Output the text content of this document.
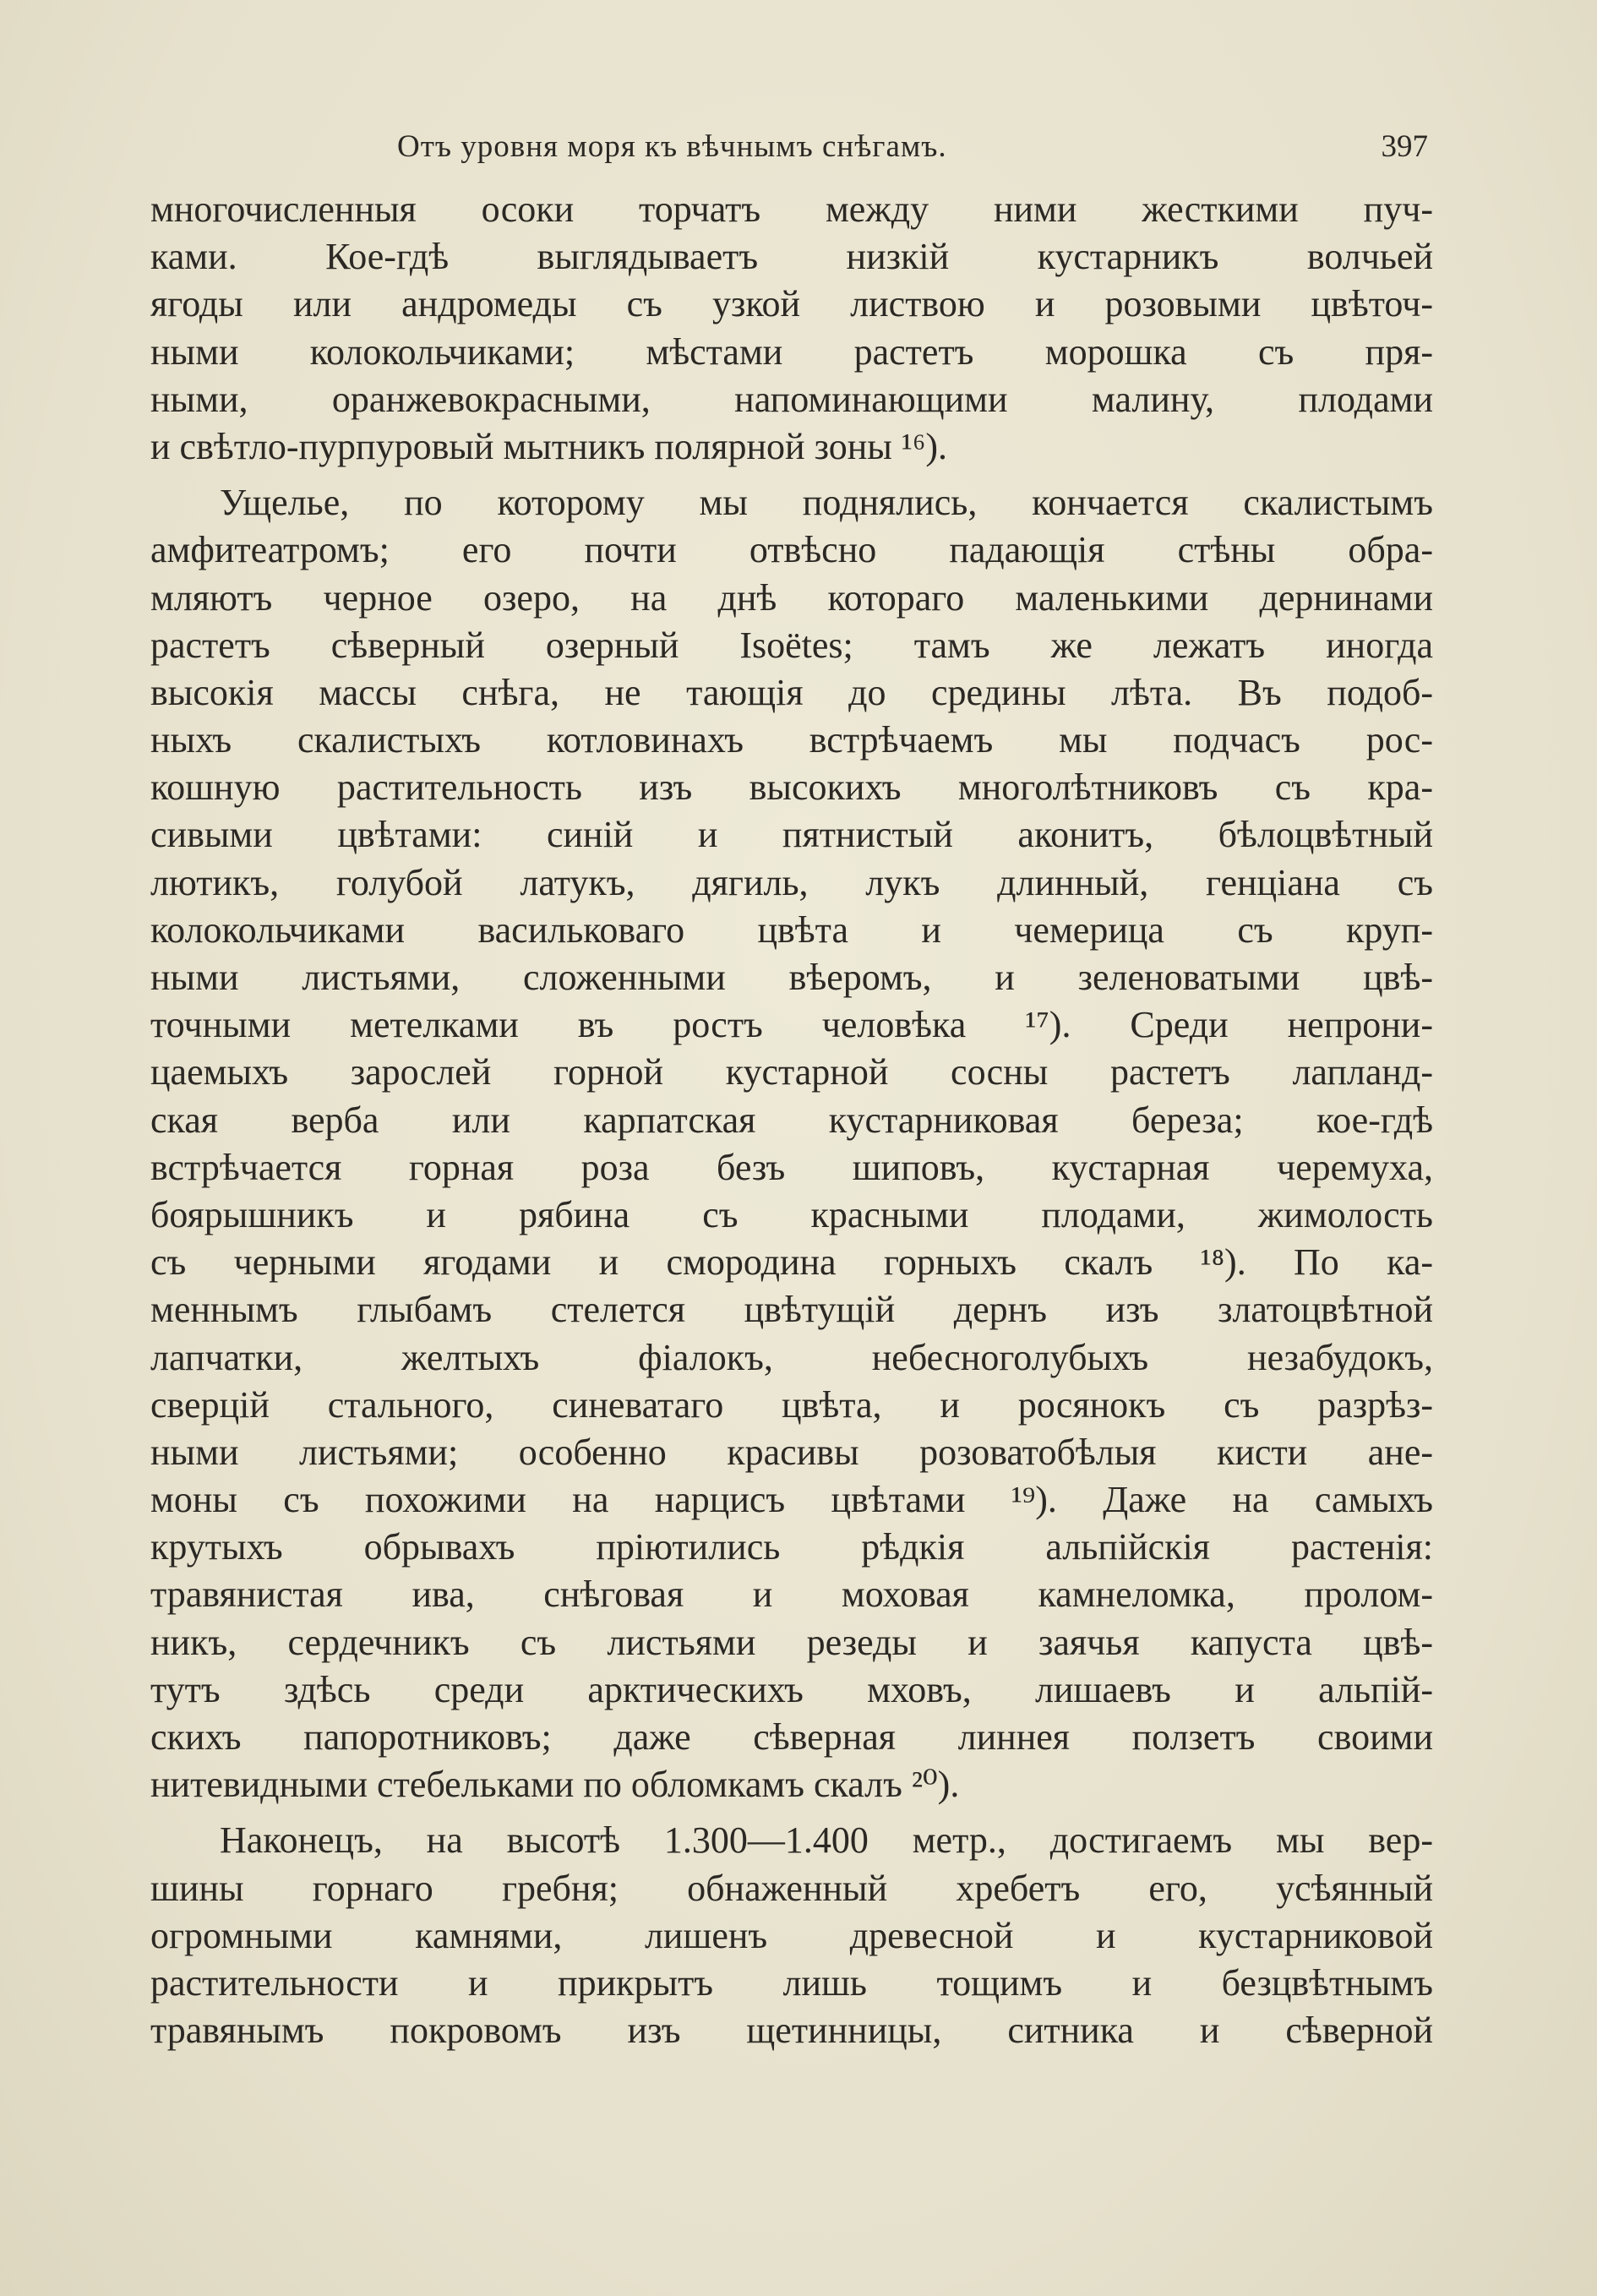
Отъ уровня моря къ вѣчнымъ снѣгамъ.	397
многочисленныя осоки торчатъ между ними жесткими пуч-
ками. Кое-гдѣ выглядываетъ низкій кустарникъ волчьей
ягоды или андромеды съ узкой листвою и розовыми цвѣточ-
ными колокольчиками; мѣстами растетъ морошка съ пря-
ными, оранжевокрасными, напоминающими малину, плодами
и свѣтло-пурпуровый мытникъ полярной зоны ¹⁶).
Ущелье, по которому мы поднялись, кончается скалистымъ
амфитеатромъ; его почти отвѣсно падающія стѣны обра-
мляютъ черное озеро, на днѣ котораго маленькими дернинами
растетъ сѣверный озерный Isoëtes; тамъ же лежатъ иногда
высокія массы снѣга, не тающія до средины лѣта. Въ подоб-
ныхъ скалистыхъ котловинахъ встрѣчаемъ мы подчасъ рос-
кошную растительность изъ высокихъ многолѣтниковъ съ кра-
сивыми цвѣтами: синій и пятнистый аконитъ, бѣлоцвѣтный
лютикъ, голубой латукъ, дягиль, лукъ длинный, генціана съ
колокольчиками васильковаго цвѣта и чемерица съ круп-
ными листьями, сложенными вѣеромъ, и зеленоватыми цвѣ-
точными метелками въ ростъ человѣка ¹⁷). Среди непрони-
цаемыхъ зарослей горной кустарной сосны растетъ лапланд-
ская верба или карпатская кустарниковая береза; кое-гдѣ
встрѣчается горная роза безъ шиповъ, кустарная черемуха,
боярышникъ и рябина съ красными плодами, жимолость
съ черными ягодами и смородина горныхъ скалъ ¹⁸). По ка-
меннымъ глыбамъ стелется цвѣтущій дернъ изъ златоцвѣтной
лапчатки, желтыхъ фіалокъ, небесноголубыхъ незабудокъ,
сверцій стального, синеватаго цвѣта, и росянокъ съ разрѣз-
ными листьями; особенно красивы розоватобѣлыя кисти ане-
моны съ похожими на нарцисъ цвѣтами ¹⁹). Даже на самыхъ
крутыхъ обрывахъ пріютились рѣдкія альпійскія растенія:
травянистая ива, снѣговая и моховая камнеломка, пролом-
никъ, сердечникъ съ листьями резеды и заячья капуста цвѣ-
тутъ здѣсь среди арктическихъ мховъ, лишаевъ и альпій-
скихъ папоротниковъ; даже сѣверная линнея ползетъ своими
нитевидными стебельками по обломкамъ скалъ ²⁰).
Наконецъ, на высотѣ 1.300—1.400 метр., достигаемъ мы вер-
шины горнаго гребня; обнаженный хребетъ его, усѣянный
огромными камнями, лишенъ древесной и кустарниковой
растительности и прикрытъ лишь тощимъ и безцвѣтнымъ
травянымъ покровомъ изъ щетинницы, ситника и сѣверной
